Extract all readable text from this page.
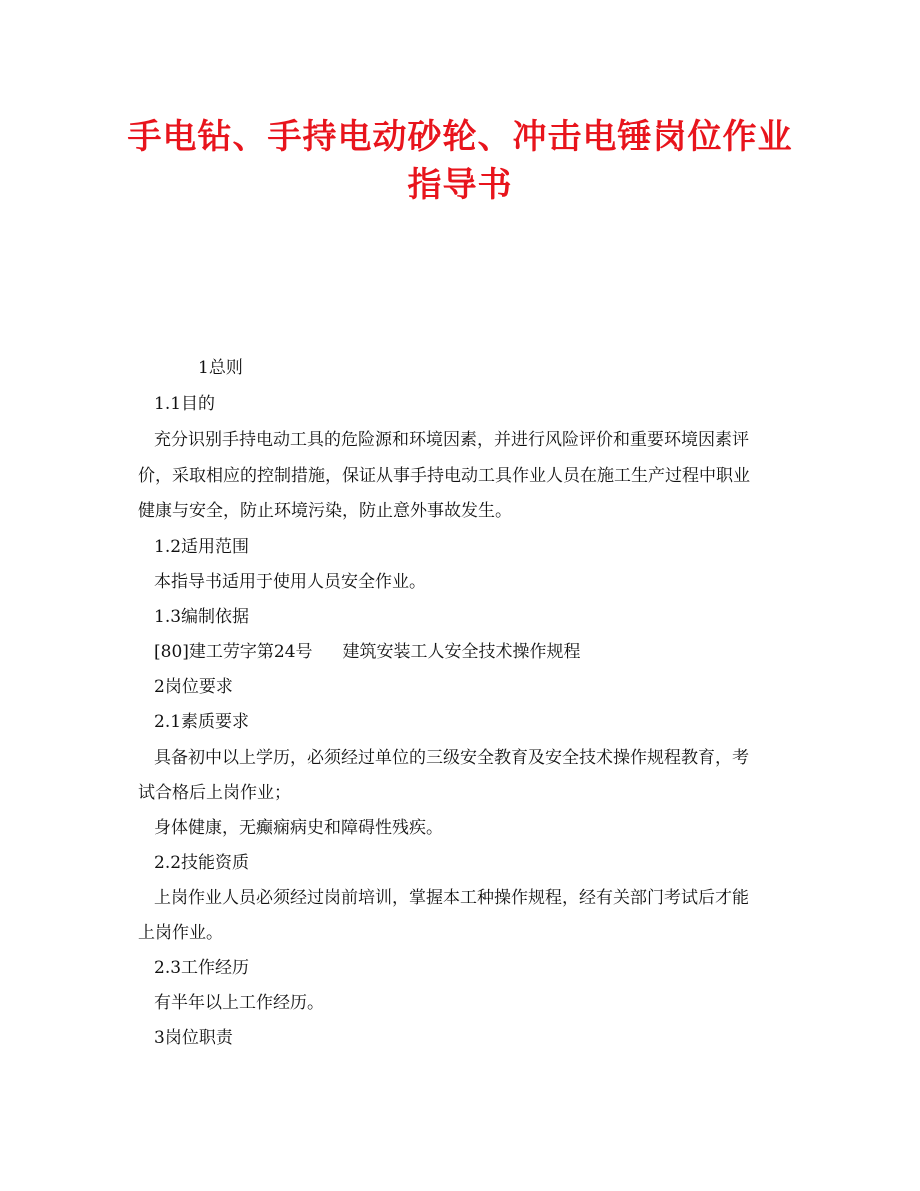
手电钻、手持电动砂轮、冲击电锤岗位作业
指导书
1总则
1.1目的
充分识别手持电动工具的危险源和环境因素，并进行风险评价和重要环境因素评
价，采取相应的控制措施，保证从事手持电动工具作业人员在施工生产过程中职业
健康与安全，防止环境污染，防止意外事故发生。
1.2适用范围
本指导书适用于使用人员安全作业。
1.3编制依据
[80]建工劳字第24号 建筑安装工人安全技术操作规程
2岗位要求
2.1素质要求
具备初中以上学历，必须经过单位的三级安全教育及安全技术操作规程教育，考
试合格后上岗作业；
身体健康，无癫痫病史和障碍性残疾。
2.2技能资质
上岗作业人员必须经过岗前培训，掌握本工种操作规程，经有关部门考试后才能
上岗作业。
2.3工作经历
有半年以上工作经历。
3岗位职责
